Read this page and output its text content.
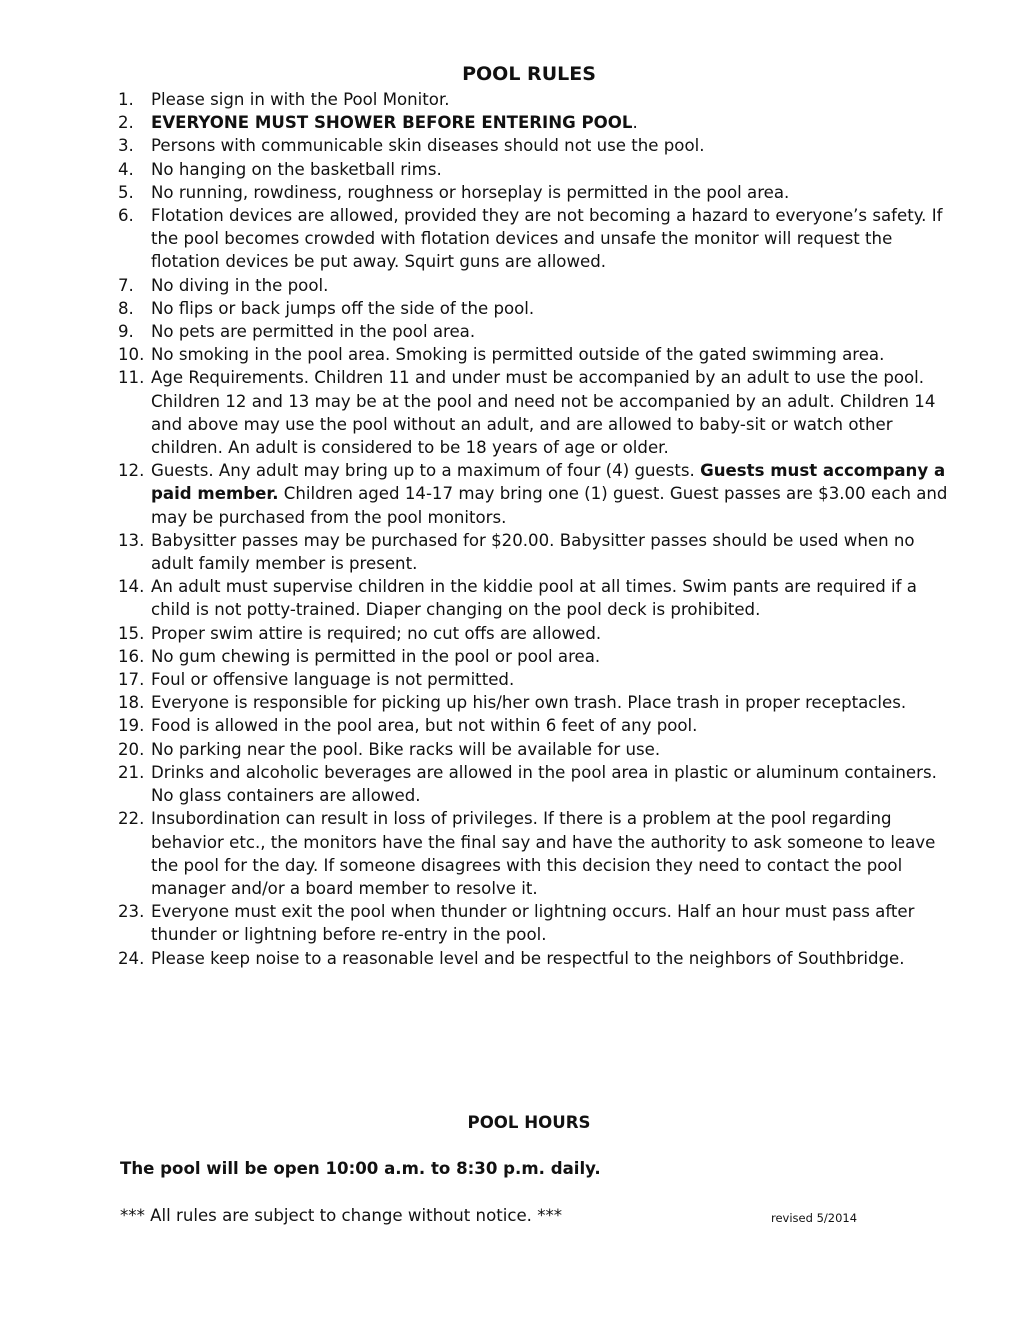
POOL RULES
1. Please sign in with the Pool Monitor.
2. EVERYONE MUST SHOWER BEFORE ENTERING POOL.
3. Persons with communicable skin diseases should not use the pool.
4. No hanging on the basketball rims.
5. No running, rowdiness, roughness or horseplay is permitted in the pool area.
6. Flotation devices are allowed, provided they are not becoming a hazard to everyone’s safety. If the pool becomes crowded with flotation devices and unsafe the monitor will request the flotation devices be put away. Squirt guns are allowed.
7. No diving in the pool.
8. No flips or back jumps off the side of the pool.
9. No pets are permitted in the pool area.
10. No smoking in the pool area. Smoking is permitted outside of the gated swimming area.
11. Age Requirements. Children 11 and under must be accompanied by an adult to use the pool. Children 12 and 13 may be at the pool and need not be accompanied by an adult. Children 14 and above may use the pool without an adult, and are allowed to baby-sit or watch other children. An adult is considered to be 18 years of age or older.
12. Guests. Any adult may bring up to a maximum of four (4) guests. Guests must accompany a paid member. Children aged 14-17 may bring one (1) guest. Guest passes are $3.00 each and may be purchased from the pool monitors.
13. Babysitter passes may be purchased for $20.00. Babysitter passes should be used when no adult family member is present.
14. An adult must supervise children in the kiddie pool at all times. Swim pants are required if a child is not potty-trained. Diaper changing on the pool deck is prohibited.
15. Proper swim attire is required; no cut offs are allowed.
16. No gum chewing is permitted in the pool or pool area.
17. Foul or offensive language is not permitted.
18. Everyone is responsible for picking up his/her own trash. Place trash in proper receptacles.
19. Food is allowed in the pool area, but not within 6 feet of any pool.
20. No parking near the pool. Bike racks will be available for use.
21. Drinks and alcoholic beverages are allowed in the pool area in plastic or aluminum containers. No glass containers are allowed.
22. Insubordination can result in loss of privileges. If there is a problem at the pool regarding behavior etc., the monitors have the final say and have the authority to ask someone to leave the pool for the day. If someone disagrees with this decision they need to contact the pool manager and/or a board member to resolve it.
23. Everyone must exit the pool when thunder or lightning occurs. Half an hour must pass after thunder or lightning before re-entry in the pool.
24. Please keep noise to a reasonable level and be respectful to the neighbors of Southbridge.
POOL HOURS
The pool will be open 10:00 a.m. to 8:30 p.m. daily.
*** All rules are subject to change without notice. ***	revised 5/2014
